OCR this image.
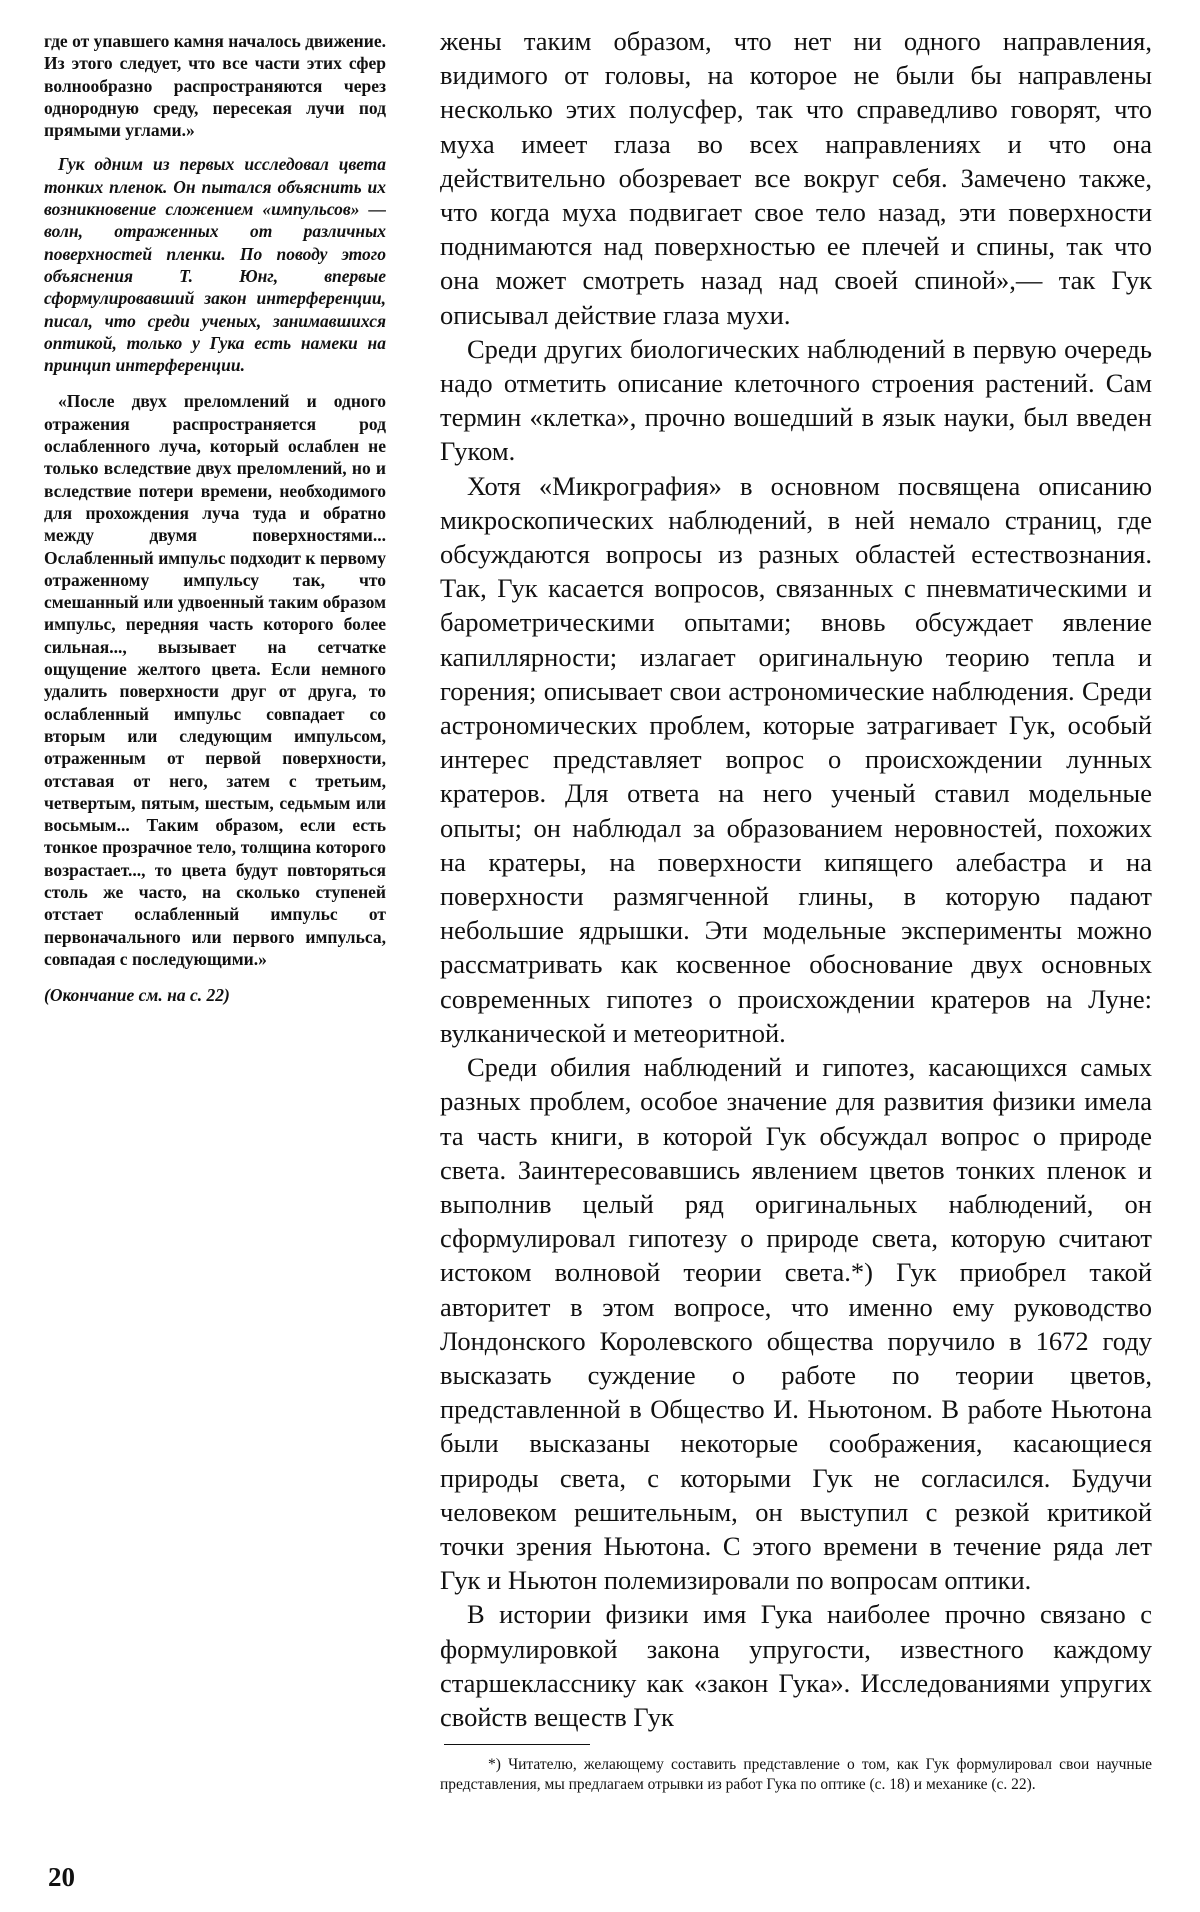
где от упавшего камня началось движение. Из этого следует, что все части этих сфер волнообразно распространяются через однородную среду, пересекая лучи под прямыми углами.»

Гук одним из первых исследовал цвета тонких пленок. Он пытался объяснить их возникновение сложением «импульсов» — волн, отраженных от различных поверхностей пленки. По поводу этого объяснения Т. Юнг, впервые сформулировавший закон интерференции, писал, что среди ученых, занимавшихся оптикой, только у Гука есть намеки на принцип интерференции.

«После двух преломлений и одного отражения распространяется род ослабленного луча, который ослаблен не только вследствие двух преломлений, но и вследствие потери времени, необходимого для прохождения луча туда и обратно между двумя поверхностями... Ослабленный импульс подходит к первому отраженному импульсу так, что смешанный или удвоенный таким образом импульс, передняя часть которого более сильная..., вызывает на сетчатке ощущение желтого цвета. Если немного удалить поверхности друг от друга, то ослабленный импульс совпадает со вторым или следующим импульсом, отраженным от первой поверхности, отставая от него, затем с третьим, четвертым, пятым, шестым, седьмым или восьмым... Таким образом, если есть тонкое прозрачное тело, толщина которого возрастает..., то цвета будут повторяться столь же часто, на сколько ступеней отстает ослабленный импульс от первоначального или первого импульса, совпадая с последующими.»

(Окончание см. на с. 22)

жены таким образом, что нет ни одного направления, видимого от головы, на которое не были бы направлены несколько этих полусфер, так что справедливо говорят, что муха имеет глаза во всех направлениях и что она действительно обозревает все вокруг себя. Замечено также, что когда муха подвигает свое тело назад, эти поверхности поднимаются над поверхностью ее плечей и спины, так что она может смотреть назад над своей спиной»,— так Гук описывал действие глаза мухи.

Среди других биологических наблюдений в первую очередь надо отметить описание клеточного строения растений. Сам термин «клетка», прочно вошедший в язык науки, был введен Гуком.

Хотя «Микрография» в основном посвящена описанию микроскопических наблюдений, в ней немало страниц, где обсуждаются вопросы из разных областей естествознания. Так, Гук касается вопросов, связанных с пневматическими и барометрическими опытами; вновь обсуждает явление капиллярности; излагает оригинальную теорию тепла и горения; описывает свои астрономические наблюдения. Среди астрономических проблем, которые затрагивает Гук, особый интерес представляет вопрос о происхождении лунных кратеров. Для ответа на него ученый ставил модельные опыты; он наблюдал за образованием неровностей, похожих на кратеры, на поверхности кипящего алебастра и на поверхности размягченной глины, в которую падают небольшие ядрышки. Эти модельные эксперименты можно рассматривать как косвенное обоснование двух основных современных гипотез о происхождении кратеров на Луне: вулканической и метеоритной.

Среди обилия наблюдений и гипотез, касающихся самых разных проблем, особое значение для развития физики имела та часть книги, в которой Гук обсуждал вопрос о природе света. Заинтересовавшись явлением цветов тонких пленок и выполнив целый ряд оригинальных наблюдений, он сформулировал гипотезу о природе света, которую считают истоком волновой теории света.*) Гук приобрел такой авторитет в этом вопросе, что именно ему руководство Лондонского Королевского общества поручило в 1672 году высказать суждение о работе по теории цветов, представленной в Общество И. Ньютоном. В работе Ньютона были высказаны некоторые соображения, касающиеся природы света, с которыми Гук не согласился. Будучи человеком решительным, он выступил с резкой критикой точки зрения Ньютона. С этого времени в течение ряда лет Гук и Ньютон полемизировали по вопросам оптики.

В истории физики имя Гука наиболее прочно связано с формулировкой закона упругости, известного каждому старшекласснику как «закон Гука». Исследованиями упругих свойств веществ Гук

*) Читателю, желающему составить представление о том, как Гук формулировал свои научные представления, мы предлагаем отрывки из работ Гука по оптике (с. 18) и механике (с. 22).
20
